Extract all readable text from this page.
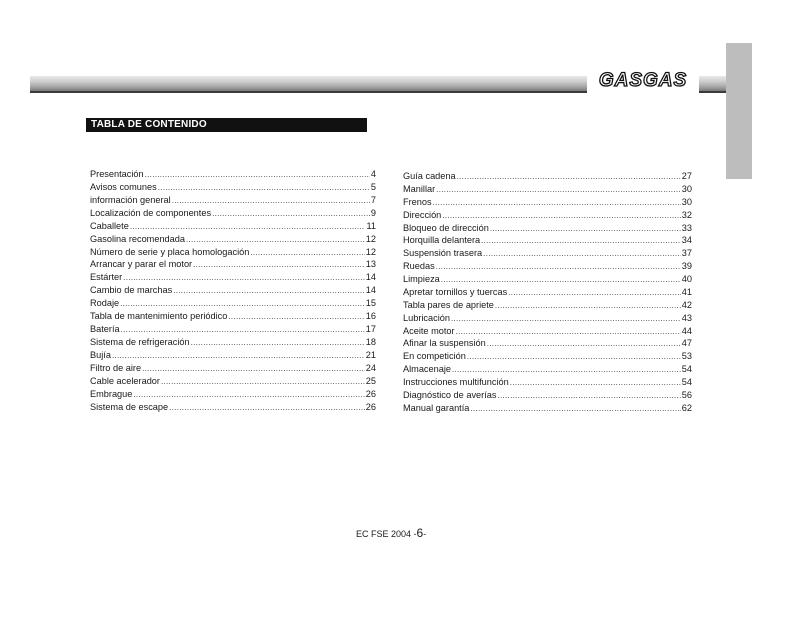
GASGAS
TABLA DE CONTENIDO
Presentación .....	4
Avisos comunes .....	5
información general .....	7
Localización de componentes .....	9
Caballete .....	11
Gasolina recomendada .....	12
Número de serie y placa homologación .....	12
Arrancar y parar el motor .....	13
Estárter .....	14
Cambio de marchas .....	14
Rodaje .....	15
Tabla de mantenimiento periódico .....	16
Batería .....	17
Sistema de refrigeración .....	18
Bujía .....	21
Filtro de aire .....	24
Cable acelerador .....	25
Embrague .....	26
Sistema de escape .....	26
Guía cadena .....	27
Manillar .....	30
Frenos .....	30
Dirección .....	32
Bloqueo de dirección .....	33
Horquilla delantera .....	34
Suspensión trasera .....	37
Ruedas .....	39
Limpieza .....	40
Apretar tornillos y tuercas .....	41
Tabla pares de apriete .....	42
Lubricación .....	43
Aceite motor .....	44
Afinar la suspensión .....	47
En competición .....	53
Almacenaje .....	54
Instrucciones multifunción .....	54
Diagnóstico de averías .....	56
Manual garantía .....	62
EC FSE 2004 -6-
